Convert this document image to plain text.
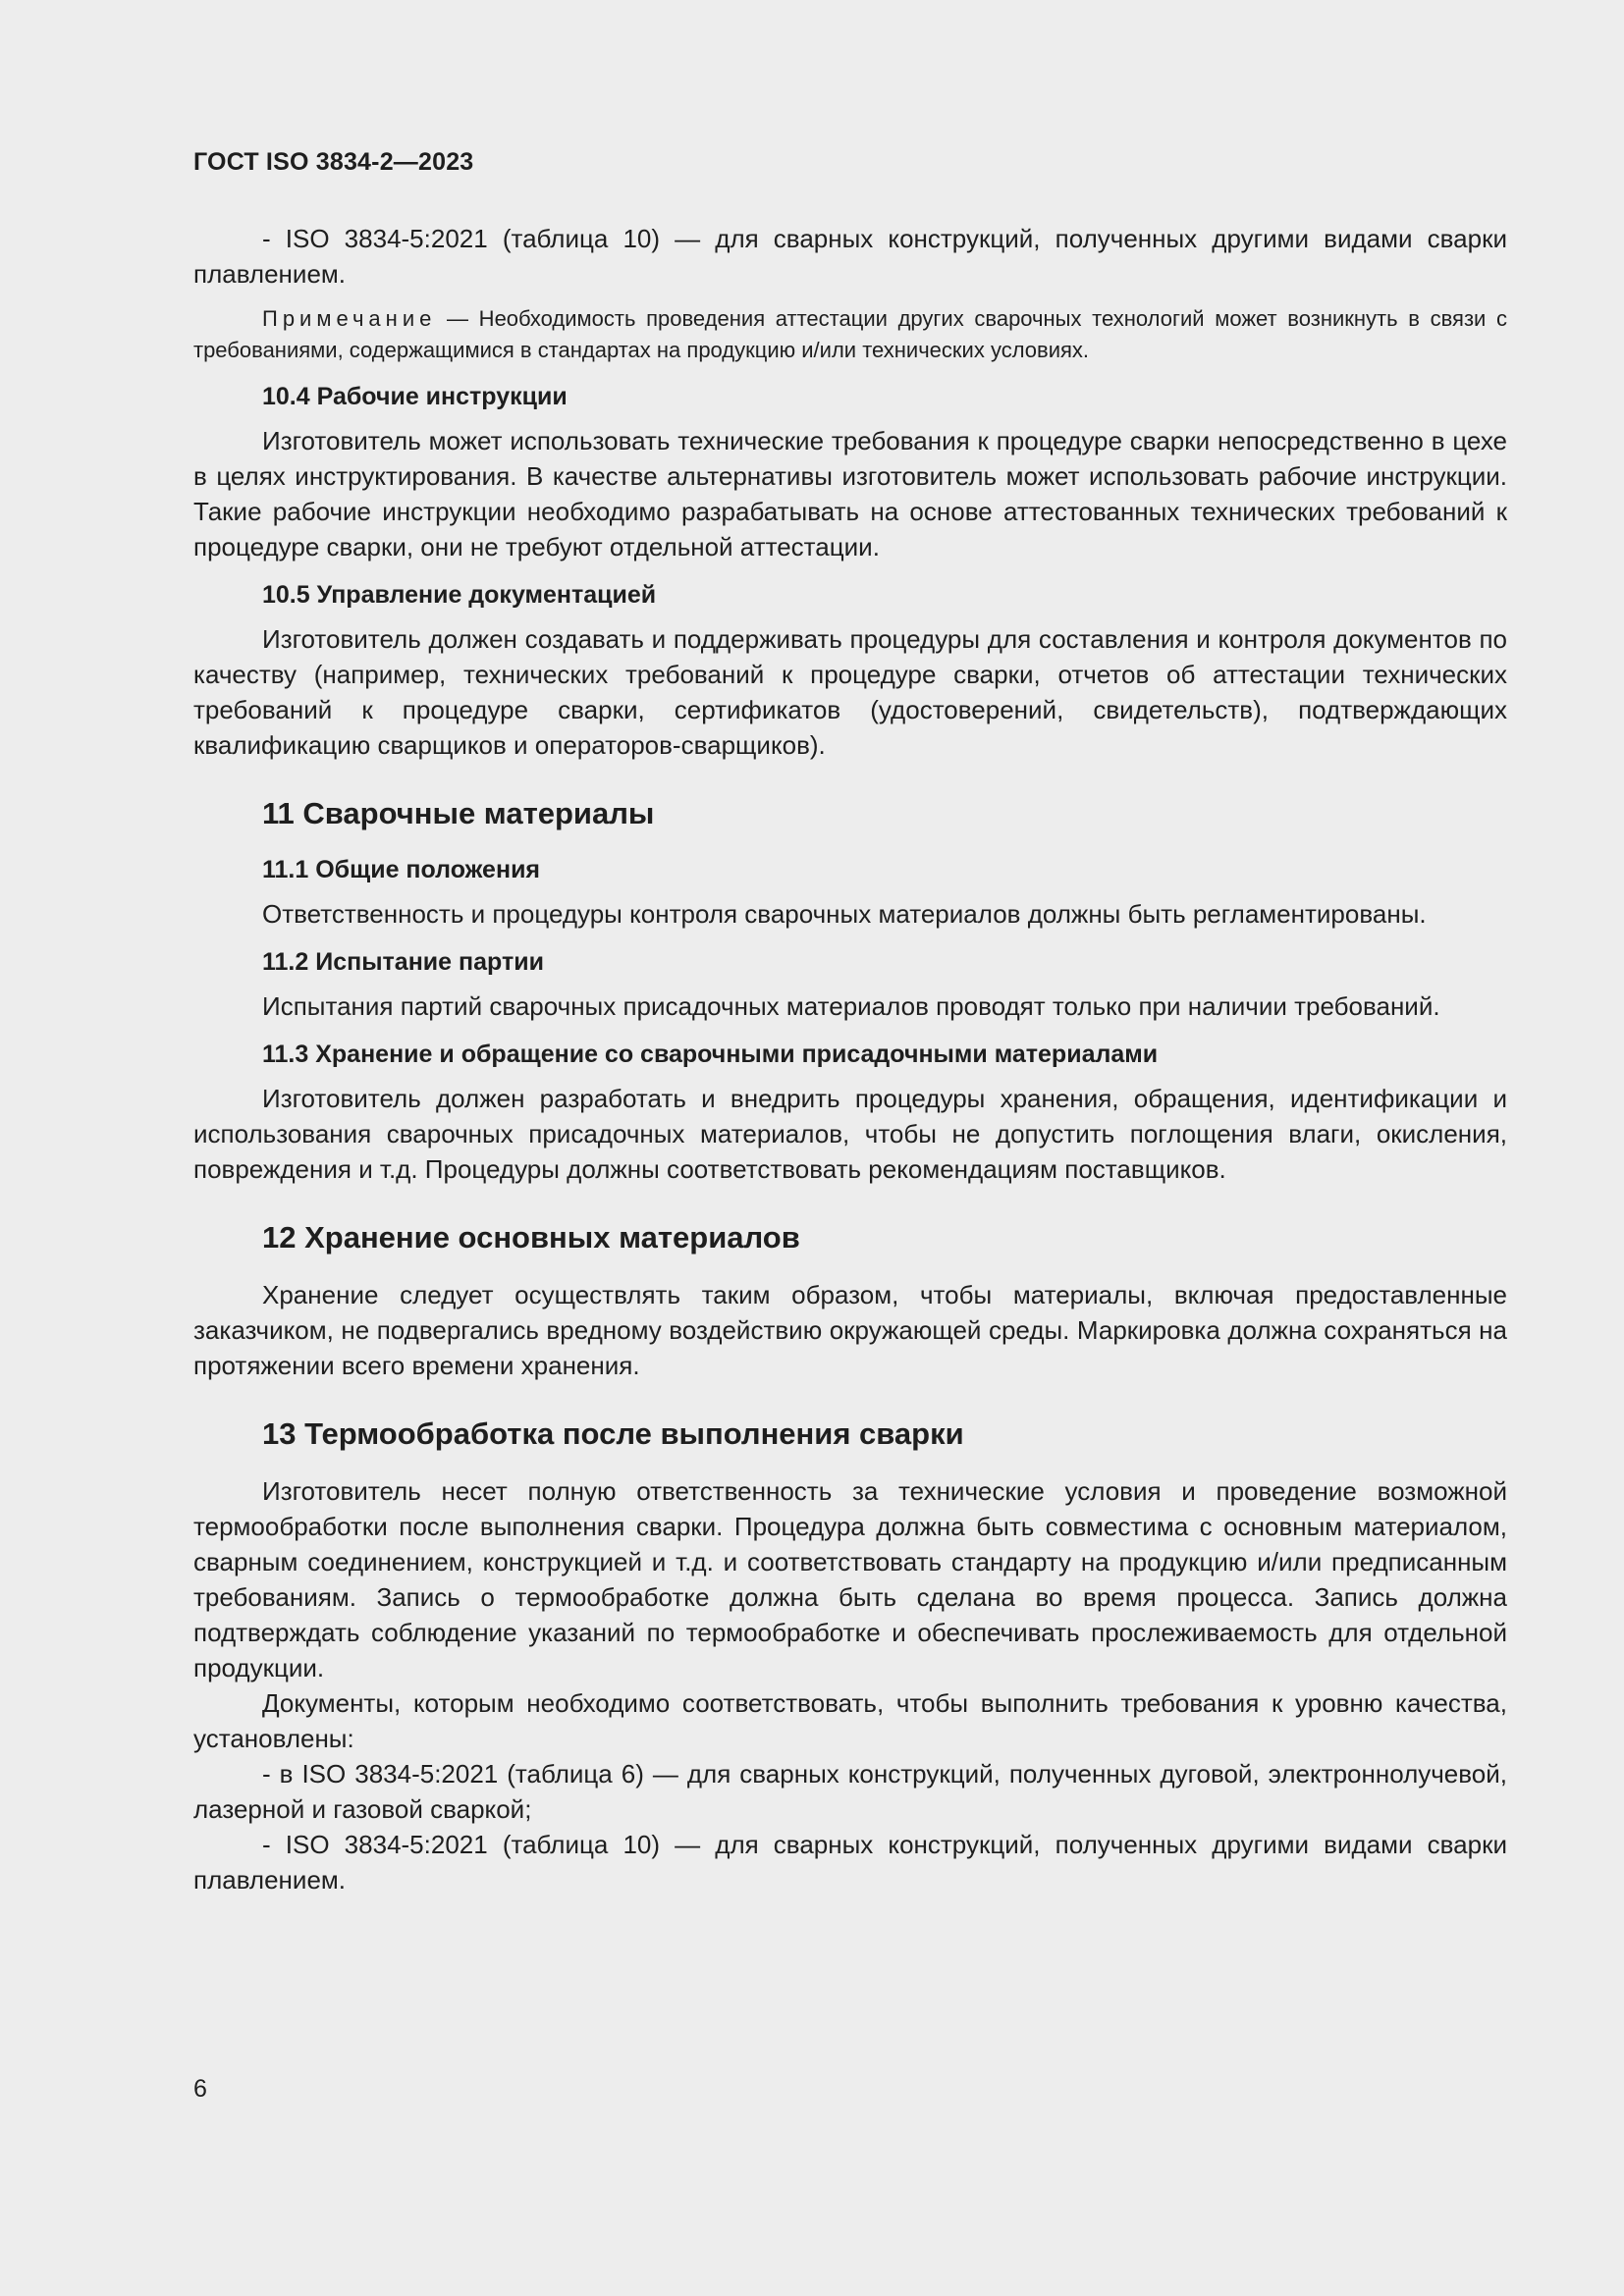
ГОСТ ISO 3834-2—2023

- ISO 3834-5:2021 (таблица 10) — для сварных конструкций, полученных другими видами сварки плавлением.

Примечание — Необходимость проведения аттестации других сварочных технологий может возникнуть в связи с требованиями, содержащимися в стандартах на продукцию и/или технических условиях.
10.4 Рабочие инструкции

Изготовитель может использовать технические требования к процедуре сварки непосредственно в цехе в целях инструктирования. В качестве альтернативы изготовитель может использовать рабочие инструкции. Такие рабочие инструкции необходимо разрабатывать на основе аттестованных технических требований к процедуре сварки, они не требуют отдельной аттестации.

10.5 Управление документацией

Изготовитель должен создавать и поддерживать процедуры для составления и контроля документов по качеству (например, технических требований к процедуре сварки, отчетов об аттестации технических требований к процедуре сварки, сертификатов (удостоверений, свидетельств), подтверждающих квалификацию сварщиков и операторов-сварщиков).

11 Сварочные материалы
11.1 Общие положения

Ответственность и процедуры контроля сварочных материалов должны быть регламентированы.

11.2 Испытание партии

Испытания партий сварочных присадочных материалов проводят только при наличии требований.

11.3 Хранение и обращение со сварочными присадочными материалами

Изготовитель должен разработать и внедрить процедуры хранения, обращения, идентификации и использования сварочных присадочных материалов, чтобы не допустить поглощения влаги, окисления, повреждения и т.д. Процедуры должны соответствовать рекомендациям поставщиков.

12 Хранение основных материалов

Хранение следует осуществлять таким образом, чтобы материалы, включая предоставленные заказчиком, не подвергались вредному воздействию окружающей среды. Маркировка должна сохраняться на протяжении всего времени хранения.

13 Термообработка после выполнения сварки

Изготовитель несет полную ответственность за технические условия и проведение возможной термообработки после выполнения сварки. Процедура должна быть совместима с основным материалом, сварным соединением, конструкцией и т.д. и соответствовать стандарту на продукцию и/или предписанным требованиям. Запись о термообработке должна быть сделана во время процесса. Запись должна подтверждать соблюдение указаний по термообработке и обеспечивать прослеживаемость для отдельной продукции.

Документы, которым необходимо соответствовать, чтобы выполнить требования к уровню качества, установлены:

- в ISO 3834-5:2021 (таблица 6) — для сварных конструкций, полученных дуговой, электроннолучевой, лазерной и газовой сваркой;

- ISO 3834-5:2021 (таблица 10) — для сварных конструкций, полученных другими видами сварки плавлением.

6
